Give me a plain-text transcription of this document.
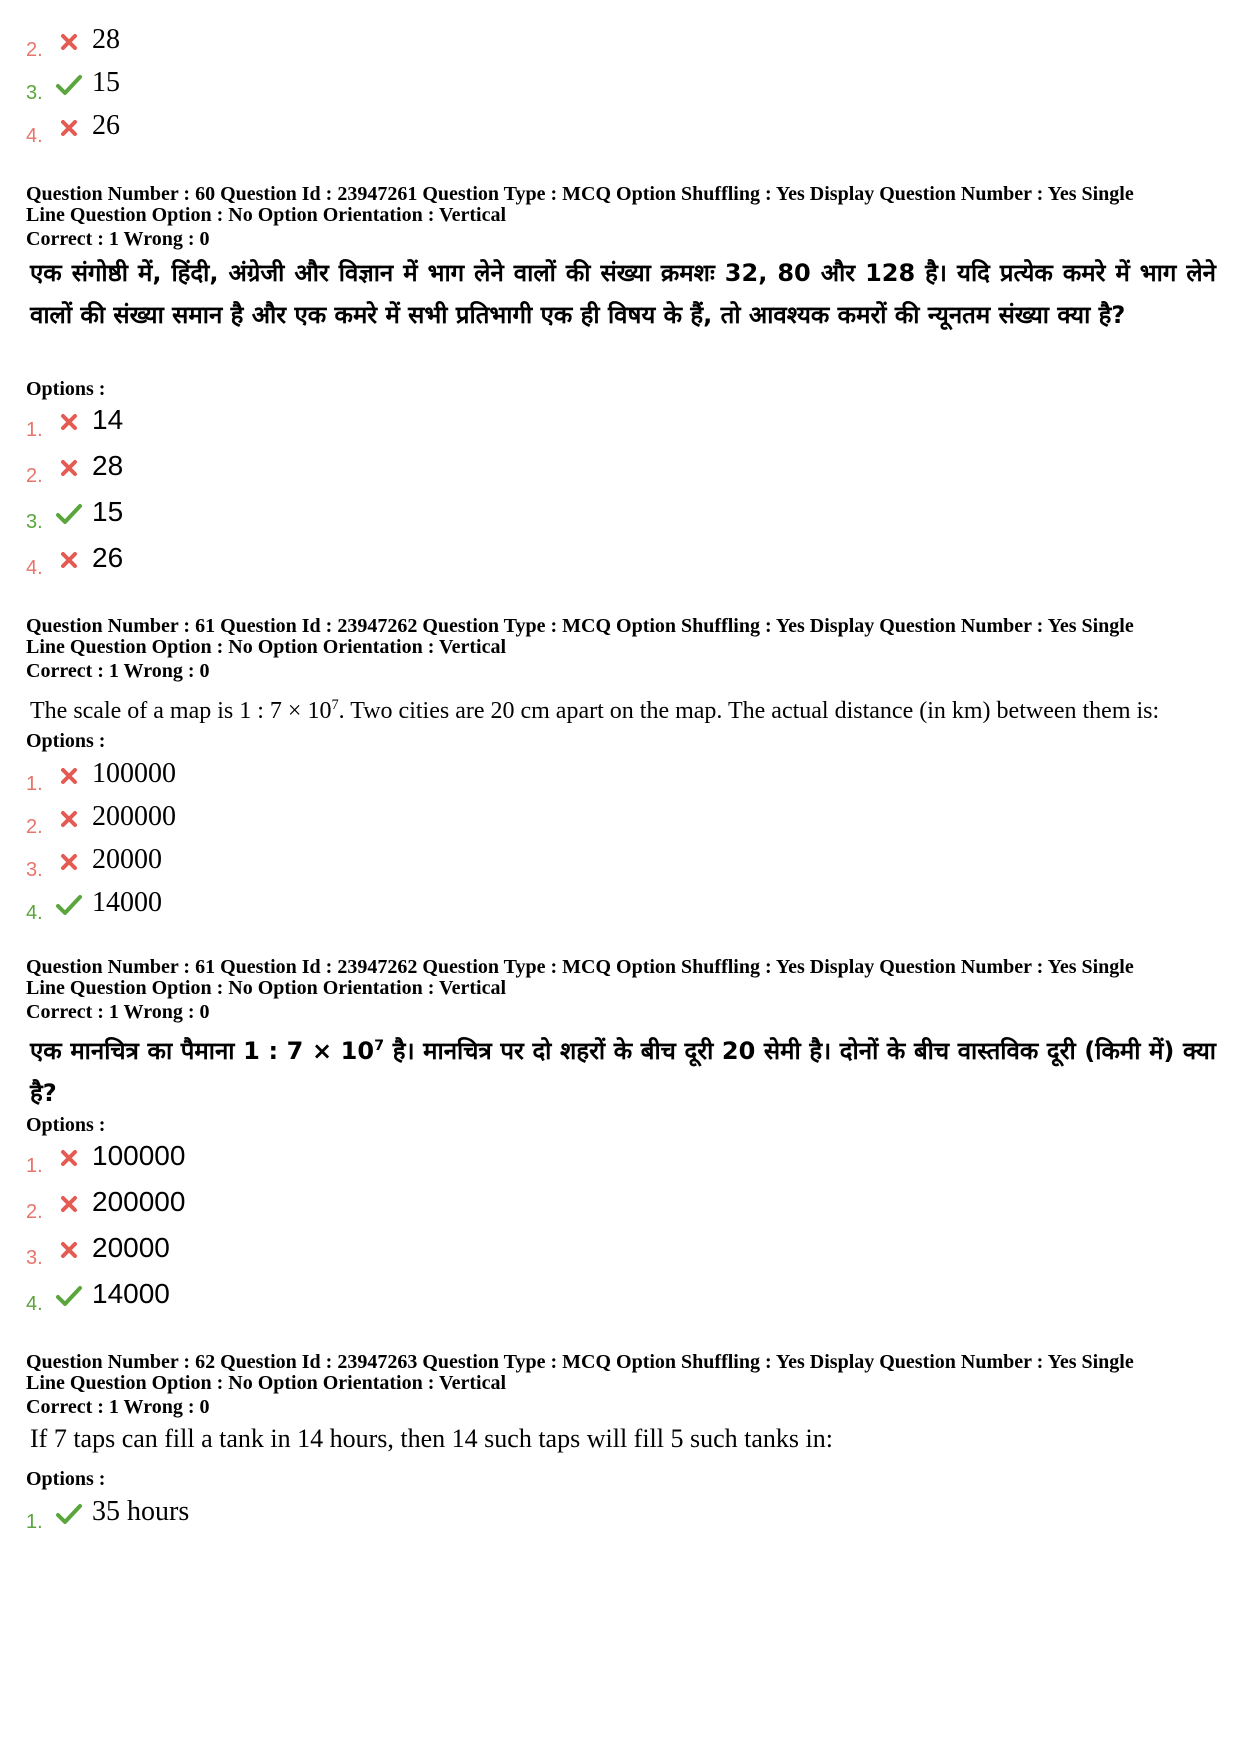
2.	28
3.	15
4.	26
Question Number : 60 Question Id : 23947261 Question Type : MCQ Option Shuffling : Yes Display Question Number : Yes Single
Line Question Option : No Option Orientation : Vertical
Correct : 1 Wrong : 0
एक संगोष्ठी में, हिंदी, अंग्रेजी और विज्ञान में भाग लेने वालों की संख्या क्रमशः 32, 80 और 128 है। यदि प्रत्येक कमरे में भाग लेने वालों की संख्या समान है और एक कमरे में सभी प्रतिभागी एक ही विषय के हैं, तो आवश्यक कमरों की न्यूनतम संख्या क्या है?
Options :
1.	14
2.	28
3.	15
4.	26
Question Number : 61 Question Id : 23947262 Question Type : MCQ Option Shuffling : Yes Display Question Number : Yes Single
Line Question Option : No Option Orientation : Vertical
Correct : 1 Wrong : 0
The scale of a map is 1 : $7 \times 10^7$. Two cities are 20 cm apart on the map. The actual distance (in km) between them is:
Options :
1.	100000
2.	200000
3.	20000
4.	14000
Question Number : 61 Question Id : 23947262 Question Type : MCQ Option Shuffling : Yes Display Question Number : Yes Single
Line Question Option : No Option Orientation : Vertical
Correct : 1 Wrong : 0
एक मानचित्र का पैमाना 1 : $7 \times 10^7$ है। मानचित्र पर दो शहरों के बीच दूरी 20 सेमी है। दोनों के बीच वास्तविक दूरी (किमी में) क्या है?
Options :
1.	100000
2.	200000
3.	20000
4.	14000
Question Number : 62 Question Id : 23947263 Question Type : MCQ Option Shuffling : Yes Display Question Number : Yes Single
Line Question Option : No Option Orientation : Vertical
Correct : 1 Wrong : 0
If 7 taps can fill a tank in 14 hours, then 14 such taps will fill 5 such tanks in:
Options :
1.	35 hours
